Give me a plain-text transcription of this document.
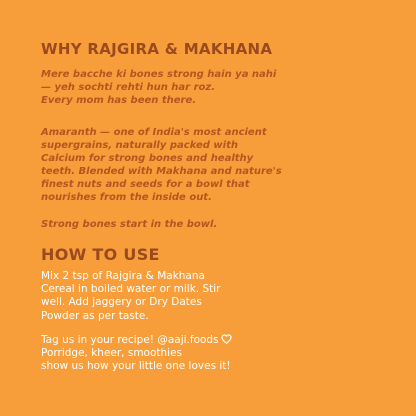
WHY RAJGIRA & MAKHANA

Mere bacche ki bones strong hain ya nahi
— yeh sochti rehti hun har roz.
Every mom has been there.

Amaranth — one of India's most ancient
supergrains, naturally packed with
Calcium for strong bones and healthy
teeth. Blended with Makhana and nature's
finest nuts and seeds for a bowl that
nourishes from the inside out.

Strong bones start in the bowl.

HOW TO USE

Mix 2 tsp of Rajgira & Makhana
Cereal in boiled water or milk. Stir
well. Add jaggery or Dry Dates
Powder as per taste.

Tag us in your recipe! @aaji.foods
Porridge, kheer, smoothies
show us how your little one loves it!
